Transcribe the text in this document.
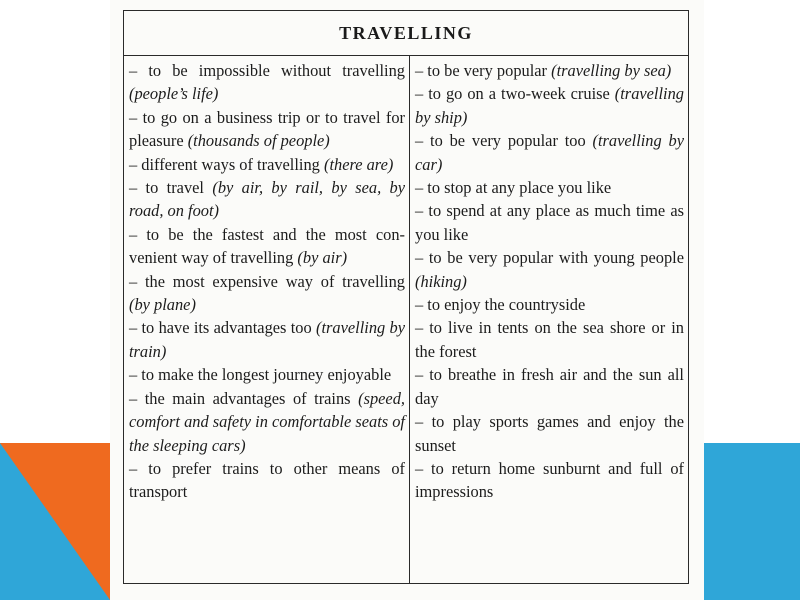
TRAVELLING

– to be impossible without travelling (people’s life)

– to go on a business trip or to travel for pleasure (thousands of people)

– different ways of travelling (there are)

– to travel (by air, by rail, by sea, by road, on foot)

– to be the fastest and the most convenient way of travelling (by air)

– the most expensive way of travelling (by plane)

– to have its advantages too (travelling by train)

– to make the longest journey enjoyable

– the main advantages of trains (speed, comfort and safety in comfortable seats of the sleeping cars)

– to prefer trains to other means of transport

– to be very popular (travelling by sea)

– to go on a two-week cruise (travelling by ship)

– to be very popular too (travelling by car)

– to stop at any place you like

– to spend at any place as much time as you like

– to be very popular with young people (hiking)

– to enjoy the countryside

– to live in tents on the sea shore or in the forest

– to breathe in fresh air and the sun all day

– to play sports games and enjoy the sunset

– to return home sunburnt and full of impressions
